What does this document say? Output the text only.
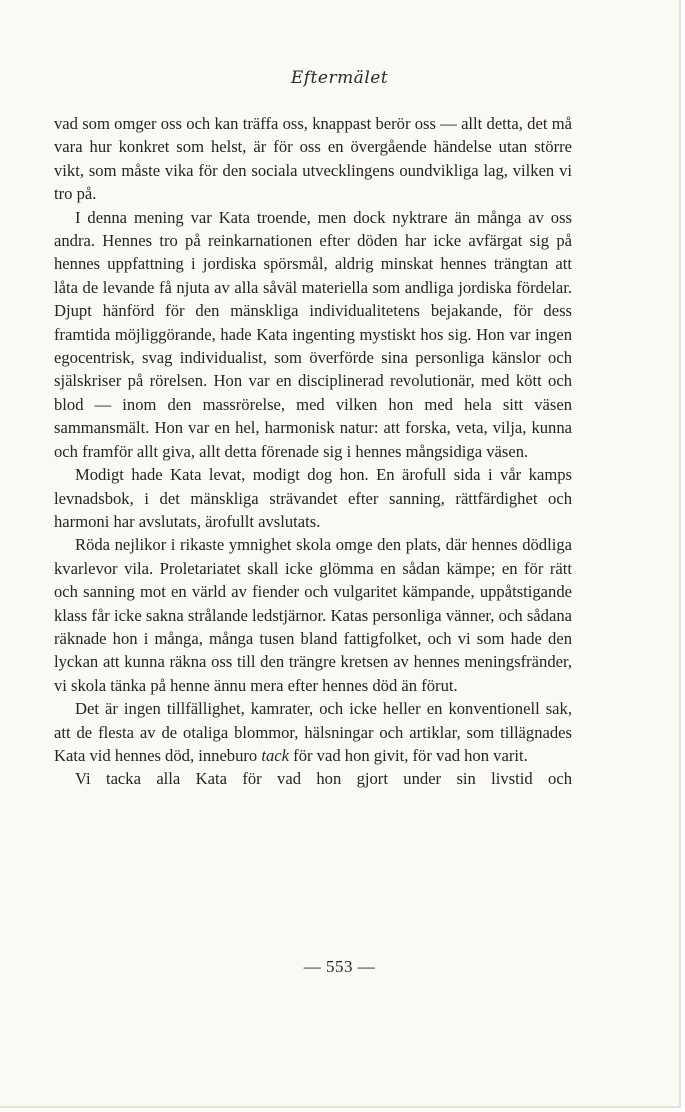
Eftermälet

vad som omger oss och kan träffa oss, knappast berör oss — allt detta, det må vara hur konkret som helst, är för oss en övergående händelse utan större vikt, som måste vika för den sociala utvecklingens oundvikliga lag, vilken vi tro på.

I denna mening var Kata troende, men dock nyktrare än många av oss andra. Hennes tro på reinkarnationen efter döden har icke avfärgat sig på hennes uppfattning i jordiska spörsmål, aldrig minskat hennes trängtan att låta de levande få njuta av alla såväl materiella som andliga jordiska fördelar. Djupt hänförd för den mänskliga individualitetens bejakande, för dess framtida möjliggörande, hade Kata ingenting mystiskt hos sig. Hon var ingen egocentrisk, svag individualist, som överförde sina personliga känslor och själskriser på rörelsen. Hon var en disciplinerad revolutionär, med kött och blod — inom den massrörelse, med vilken hon med hela sitt väsen sammansmält. Hon var en hel, harmonisk natur: att forska, veta, vilja, kunna och framför allt giva, allt detta förenade sig i hennes mångsidiga väsen.

Modigt hade Kata levat, modigt dog hon. En ärofull sida i vår kamps levnadsbok, i det mänskliga strävandet efter sanning, rättfärdighet och harmoni har avslutats, ärofullt avslutats.

Röda nejlikor i rikaste ymnighet skola omge den plats, där hennes dödliga kvarlevor vila. Proletariatet skall icke glömma en sådan kämpe; en för rätt och sanning mot en värld av fiender och vulgaritet kämpande, uppåtstigande klass får icke sakna strålande ledstjärnor. Katas personliga vänner, och sådana räknade hon i många, många tusen bland fattigfolket, och vi som hade den lyckan att kunna räkna oss till den trängre kretsen av hennes meningsfränder, vi skola tänka på henne ännu mera efter hennes död än förut.

Det är ingen tillfällighet, kamrater, och icke heller en konventionell sak, att de flesta av de otaliga blommor, hälsningar och artiklar, som tillägnades Kata vid hennes död, inneburo tack för vad hon givit, för vad hon varit.

Vi tacka alla Kata för vad hon gjort under sin livstid och

— 553 —
